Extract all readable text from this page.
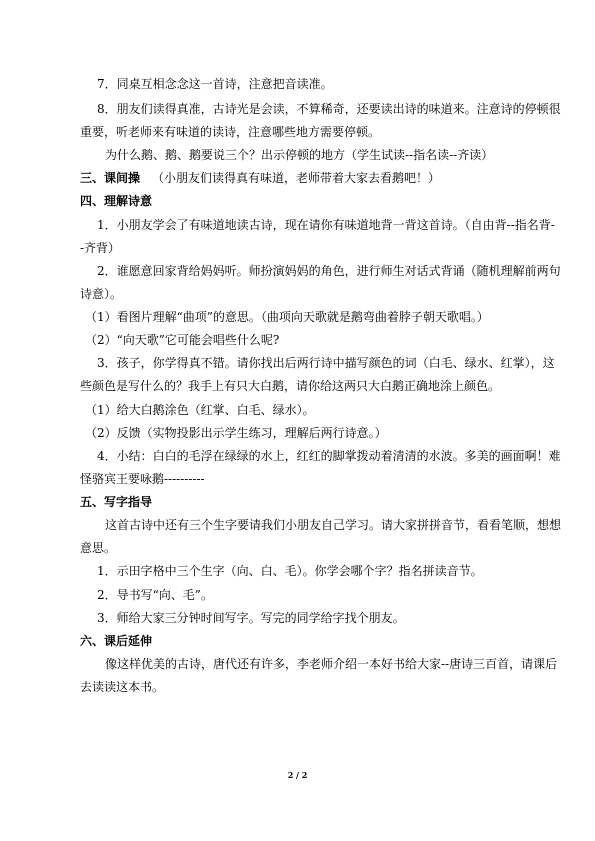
7．同桌互相念念这一首诗，注意把音读准。
8．朋友们读得真准，古诗光是会读，不算稀奇，还要读出诗的味道来。注意诗的停顿很
重要，听老师来有味道的读诗，注意哪些地方需要停顿。
为什么鹅、鹅、鹅要说三个？出示停顿的地方（学生试读--指名读--齐读）
三、课间操 （小朋友们读得真有味道，老师带着大家去看鹅吧！）
四、理解诗意
1．小朋友学会了有味道地读古诗，现在请你有味道地背一背这首诗。（自由背--指名背-
-齐背）
2．谁愿意回家背给妈妈听。师扮演妈妈的角色，进行师生对话式背诵（随机理解前两句
诗意）。
（1）看图片理解“曲项”的意思。（曲项向天歌就是鹅弯曲着脖子朝天歌唱。）
（2）“向天歌”它可能会唱些什么呢?
3．孩子，你学得真不错。请你找出后两行诗中描写颜色的词（白毛、绿水、红掌），这
些颜色是写什么的？我手上有只大白鹅，请你给这两只大白鹅正确地涂上颜色。
（1）给大白鹅涂色（红掌、白毛、绿水）。
（2）反馈（实物投影出示学生练习，理解后两行诗意。）
4．小结：白白的毛浮在绿绿的水上，红红的脚掌拨动着清清的水波。多美的画面啊！难
怪骆宾王要咏鹅----------
五、写字指导
这首古诗中还有三个生字要请我们小朋友自己学习。请大家拼拼音节，看看笔顺，想想
意思。
1．示田字格中三个生字（向、白、毛）。你学会哪个字？指名拼读音节。
2．导书写“向、毛”。
3．师给大家三分钟时间写字。写完的同学给字找个朋友。
六、课后延伸
像这样优美的古诗，唐代还有许多，李老师介绍一本好书给大家--唐诗三百首，请课后
去读读这本书。
2 / 2
